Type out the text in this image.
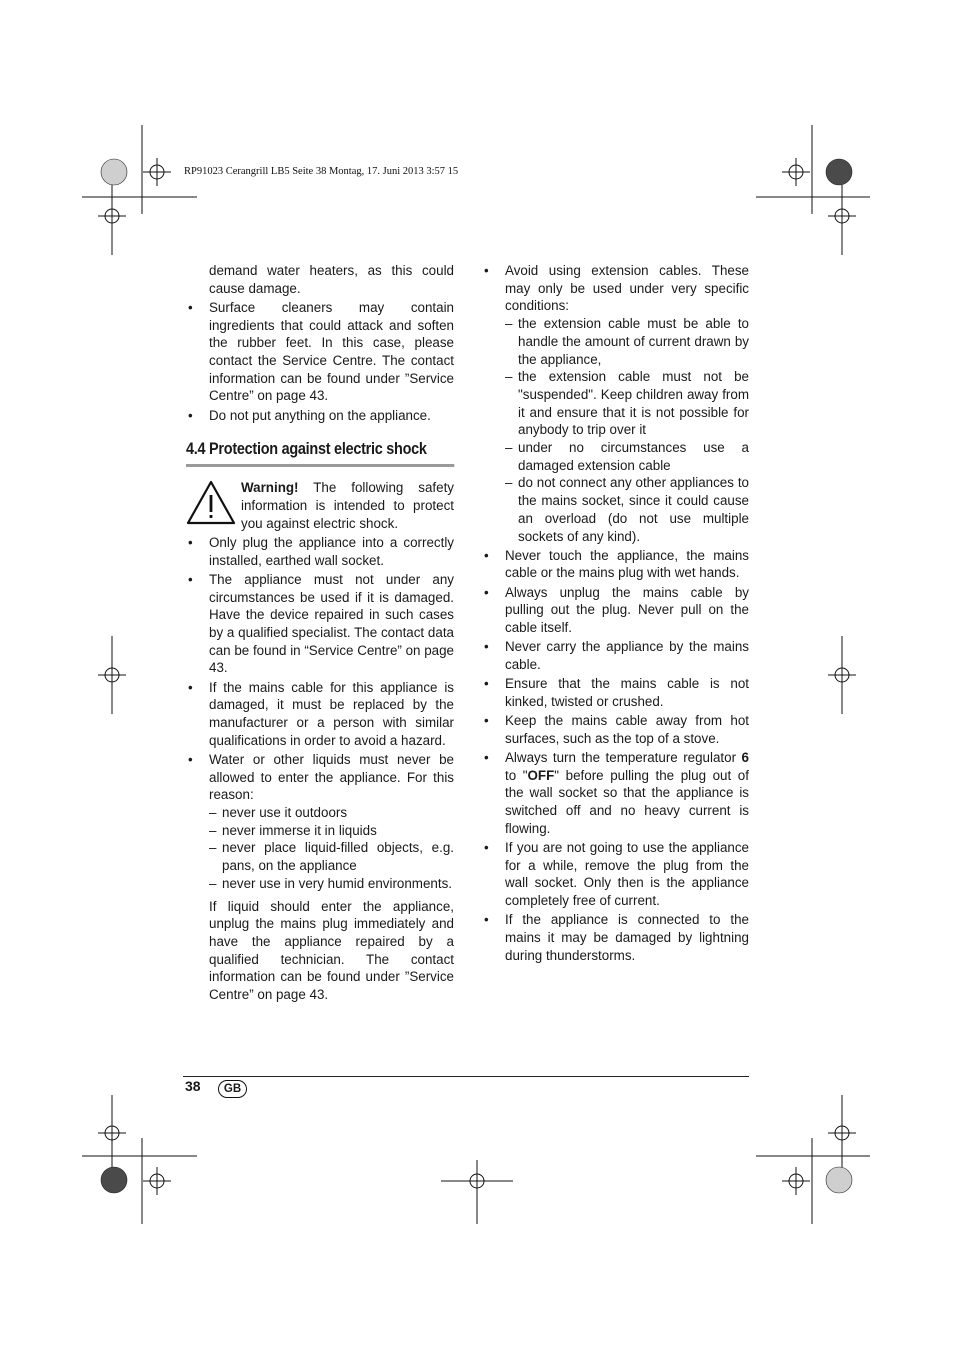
RP91023 Cerangrill LB5 Seite 38 Montag, 17. Juni 2013 3:57 15
demand water heaters, as this could cause damage.
• Surface cleaners may contain ingredients that could attack and soften the rubber feet. In this case, please contact the Service Centre. The contact information can be found under ”Service Centre” on page 43.
• Do not put anything on the appliance.
4.4 Protection against electric shock
Warning! The following safety information is intended to protect you against electric shock.
• Only plug the appliance into a correctly installed, earthed wall socket.
• The appliance must not under any circumstances be used if it is damaged. Have the device repaired in such cases by a qualified specialist. The contact data can be found in “Service Centre” on page 43.
• If the mains cable for this appliance is damaged, it must be replaced by the manufacturer or a person with similar qualifications in order to avoid a hazard.
• Water or other liquids must never be allowed to enter the appliance. For this reason:
– never use it outdoors
– never immerse it in liquids
– never place liquid-filled objects, e.g. pans, on the appliance
– never use in very humid environments.
If liquid should enter the appliance, unplug the mains plug immediately and have the appliance repaired by a qualified technician. The contact information can be found under ”Service Centre” on page 43.
• Avoid using extension cables. These may only be used under very specific conditions:
– the extension cable must be able to handle the amount of current drawn by the appliance,
– the extension cable must not be "suspended". Keep children away from it and ensure that it is not possible for anybody to trip over it
– under no circumstances use a damaged extension cable
– do not connect any other appliances to the mains socket, since it could cause an overload (do not use multiple sockets of any kind).
• Never touch the appliance, the mains cable or the mains plug with wet hands.
• Always unplug the mains cable by pulling out the plug. Never pull on the cable itself.
• Never carry the appliance by the mains cable.
• Ensure that the mains cable is not kinked, twisted or crushed.
• Keep the mains cable away from hot surfaces, such as the top of a stove.
• Always turn the temperature regulator 6 to "OFF" before pulling the plug out of the wall socket so that the appliance is switched off and no heavy current is flowing.
• If you are not going to use the appliance for a while, remove the plug from the wall socket. Only then is the appliance completely free of current.
• If the appliance is connected to the mains it may be damaged by lightning during thunderstorms.
38	GB
